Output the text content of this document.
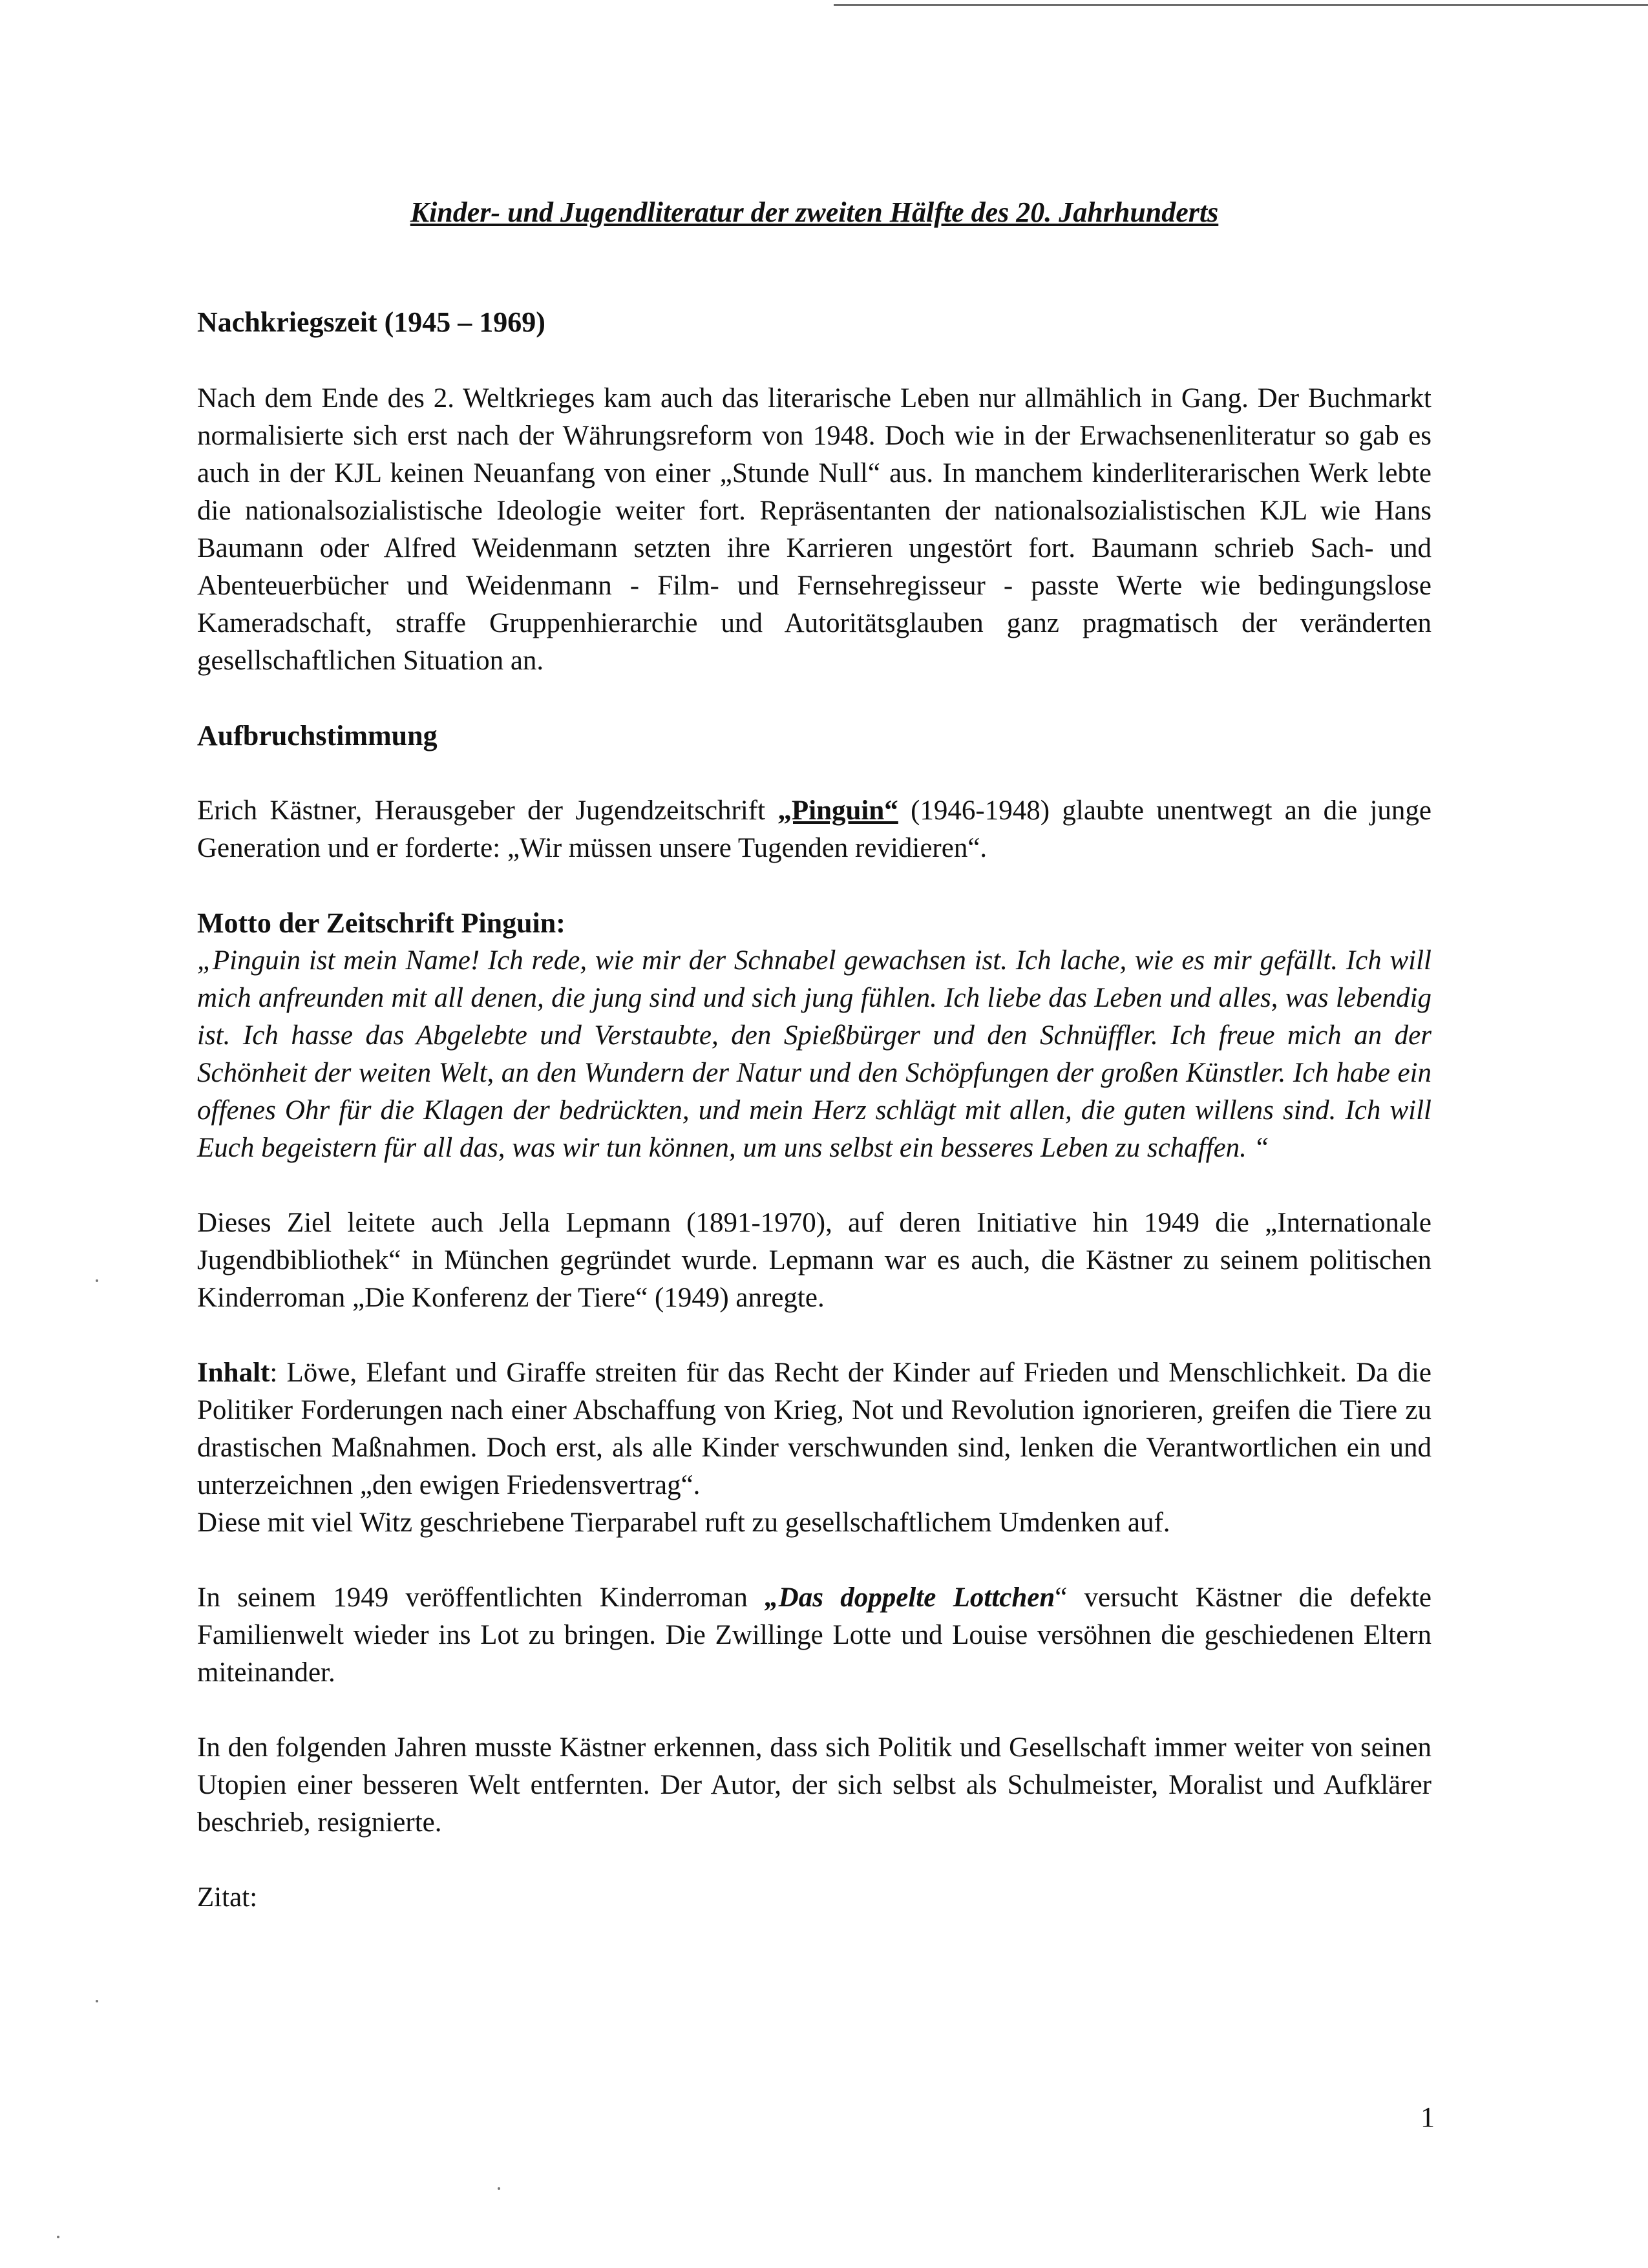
Kinder- und Jugendliteratur der zweiten Hälfte des 20. Jahrhunderts
Nachkriegszeit (1945 – 1969)

Nach dem Ende des 2. Weltkrieges kam auch das literarische Leben nur allmählich in Gang. Der Buchmarkt normalisierte sich erst nach der Währungsreform von 1948. Doch wie in der Erwachsenenliteratur so gab es auch in der KJL keinen Neuanfang von einer „Stunde Null“ aus. In manchem kinderliterarischen Werk lebte die nationalsozialistische Ideologie weiter fort. Repräsentanten der nationalsozialistischen KJL wie Hans Baumann oder Alfred Weidenmann setzten ihre Karrieren ungestört fort. Baumann schrieb Sach- und Abenteuerbücher und Weidenmann - Film- und Fernsehregisseur - passte Werte wie bedingungslose Kameradschaft, straffe Gruppenhierarchie und Autoritätsglauben ganz pragmatisch der veränderten gesellschaftlichen Situation an.

Aufbruchstimmung

Erich Kästner, Herausgeber der Jugendzeitschrift „Pinguin“ (1946-1948) glaubte unentwegt an die junge Generation und er forderte: „Wir müssen unsere Tugenden revidieren“.

Motto der Zeitschrift Pinguin:

„Pinguin ist mein Name! Ich rede, wie mir der Schnabel gewachsen ist. Ich lache, wie es mir gefällt. Ich will mich anfreunden mit all denen, die jung sind und sich jung fühlen. Ich liebe das Leben und alles, was lebendig ist. Ich hasse das Abgelebte und Verstaubte, den Spießbürger und den Schnüffler. Ich freue mich an der Schönheit der weiten Welt, an den Wundern der Natur und den Schöpfungen der großen Künstler. Ich habe ein offenes Ohr für die Klagen der bedrückten, und mein Herz schlägt mit allen, die guten willens sind. Ich will Euch begeistern für all das, was wir tun können, um uns selbst ein besseres Leben zu schaffen. “

Dieses Ziel leitete auch Jella Lepmann (1891-1970), auf deren Initiative hin 1949 die „Internationale Jugendbibliothek“ in München gegründet wurde. Lepmann war es auch, die Kästner zu seinem politischen Kinderroman „Die Konferenz der Tiere“ (1949) anregte.

Inhalt: Löwe, Elefant und Giraffe streiten für das Recht der Kinder auf Frieden und Menschlichkeit. Da die Politiker Forderungen nach einer Abschaffung von Krieg, Not und Revolution ignorieren, greifen die Tiere zu drastischen Maßnahmen. Doch erst, als alle Kinder verschwunden sind, lenken die Verantwortlichen ein und unterzeichnen „den ewigen Friedensvertrag“.

Diese mit viel Witz geschriebene Tierparabel ruft zu gesellschaftlichem Umdenken auf.

In seinem 1949 veröffentlichten Kinderroman „Das doppelte Lottchen“ versucht Kästner die defekte Familienwelt wieder ins Lot zu bringen. Die Zwillinge Lotte und Louise versöhnen die geschiedenen Eltern miteinander.

In den folgenden Jahren musste Kästner erkennen, dass sich Politik und Gesellschaft immer weiter von seinen Utopien einer besseren Welt entfernten. Der Autor, der sich selbst als Schulmeister, Moralist und Aufklärer beschrieb, resignierte.

Zitat:

1
